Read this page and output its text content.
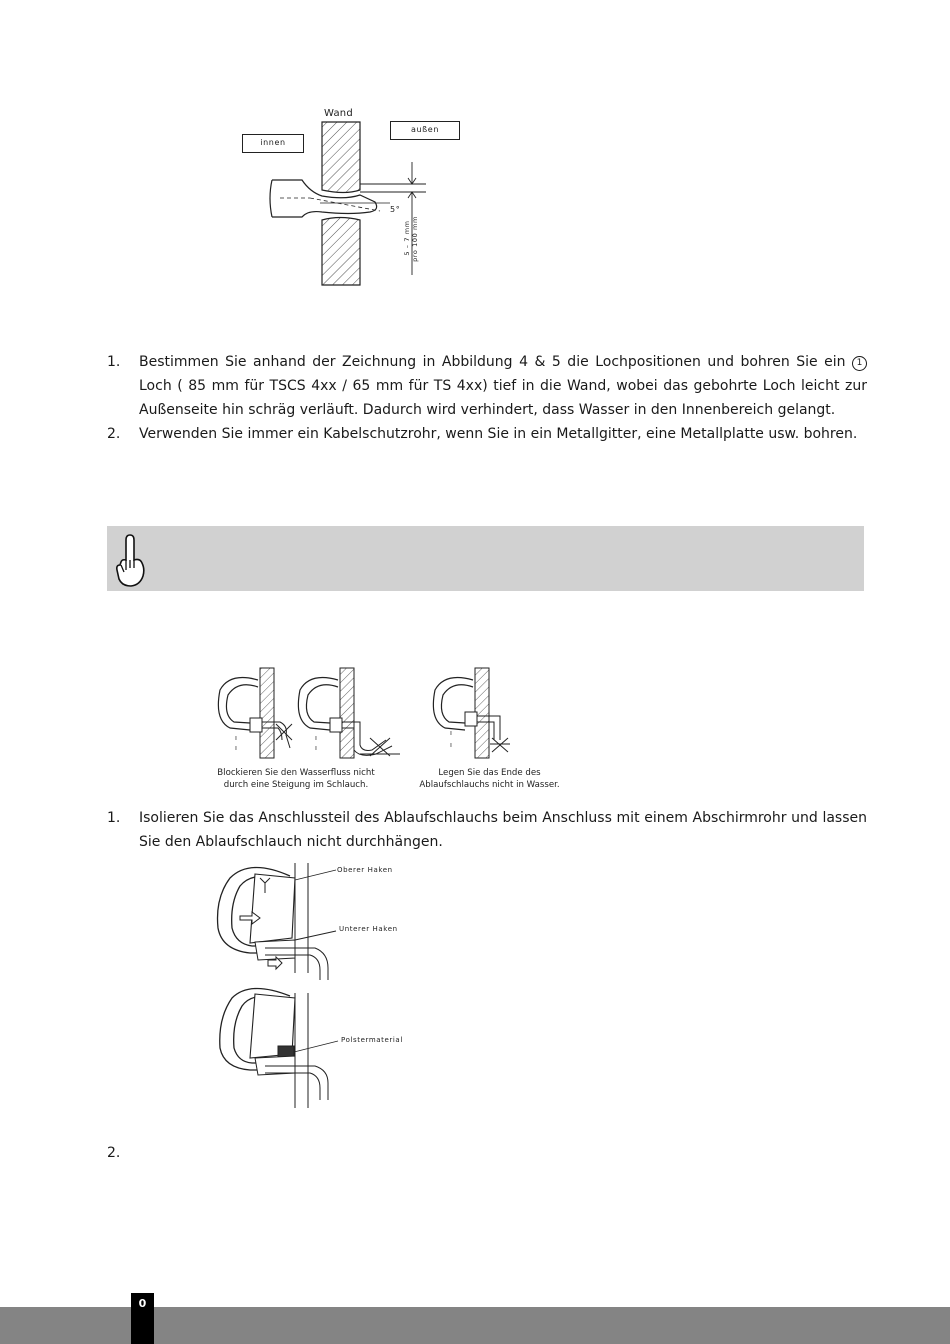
Wand
innen
außen
5°
5 – 7 mm pro 100 mm
1.	Bestimmen Sie anhand der Zeichnung in Abbildung 4 & 5 die Lochpositionen und bohren Sie ein 1 Loch ( 85 mm für TSCS 4xx / 65 mm für TS 4xx) tief in die Wand, wobei das gebohrte Loch leicht zur Außenseite hin schräg verläuft. Dadurch wird verhindert, dass Wasser in den Innenbereich gelangt.
2.	Verwenden Sie immer ein Kabelschutzrohr, wenn Sie in ein Metallgitter, eine Metallplatte usw. bohren.
ı
ı
ı
ı
ı
ı
Blockieren Sie den Wasserfluss nicht
durch eine Steigung im Schlauch.
Legen Sie das Ende des
Ablaufschlauchs nicht in Wasser.
1.	Isolieren Sie das Anschlussteil des Ablaufschlauchs beim Anschluss mit einem Abschirmrohr und lassen Sie den Ablaufschlauch nicht durchhängen.
Oberer Haken
Unterer Haken
Polstermaterial
2.
0
